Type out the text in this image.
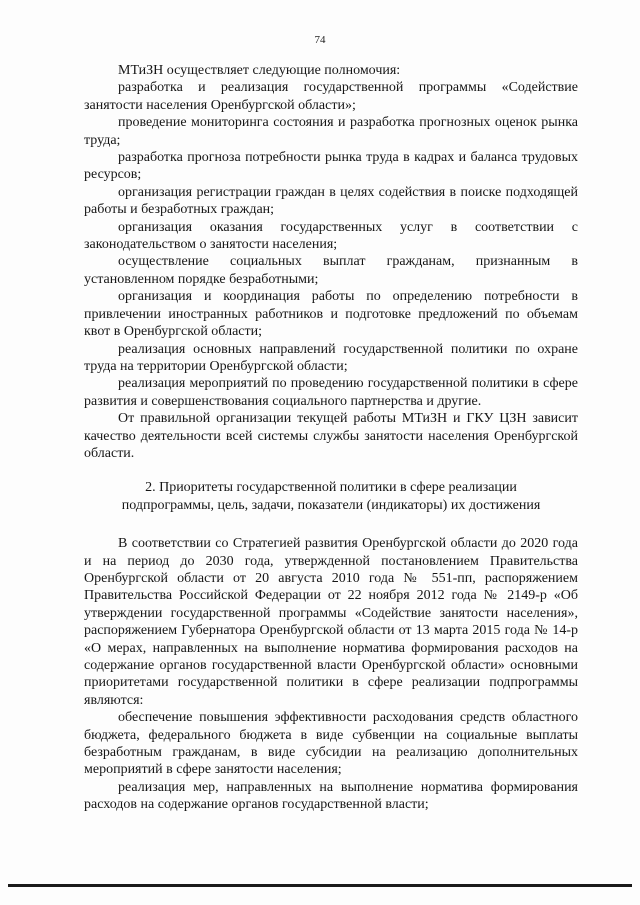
74

МТиЗН осуществляет следующие полномочия:

разработка и реализация государственной программы «Содействие занятости населения Оренбургской области»;

проведение мониторинга состояния и разработка прогнозных оценок рынка труда;

разработка прогноза потребности рынка труда в кадрах и баланса трудовых ресурсов;

организация регистрации граждан в целях содействия в поиске подходящей работы и безработных граждан;

организация оказания государственных услуг в соответствии с законодательством о занятости населения;

осуществление социальных выплат гражданам, признанным в установленном порядке безработными;

организация и координация работы по определению потребности в привлечении иностранных работников и подготовке предложений по объемам квот в Оренбургской области;

реализация основных направлений государственной политики по охране труда на территории Оренбургской области;

реализация мероприятий по проведению государственной политики в сфере развития и совершенствования социального партнерства и другие.

От правильной организации текущей работы МТиЗН и ГКУ ЦЗН зависит качество деятельности всей системы службы занятости населения Оренбургской области.

2. Приоритеты государственной политики в сфере реализации
подпрограммы, цель, задачи, показатели (индикаторы) их достижения

В соответствии со Стратегией развития Оренбургской области до 2020 года и на период до 2030 года, утвержденной постановлением Правительства Оренбургской области от 20 августа 2010 года № 551-пп, распоряжением Правительства Российской Федерации от 22 ноября 2012 года № 2149-р «Об утверждении государственной программы «Содействие занятости населения», распоряжением Губернатора Оренбургской области от 13 марта 2015 года № 14-р «О мерах, направленных на выполнение норматива формирования расходов на содержание органов государственной власти Оренбургской области» основными приоритетами государственной политики в сфере реализации подпрограммы являются:

обеспечение повышения эффективности расходования средств областного бюджета, федерального бюджета в виде субвенции на социальные выплаты безработным гражданам, в виде субсидии на реализацию дополнительных мероприятий в сфере занятости населения;

реализация мер, направленных на выполнение норматива формирования расходов на содержание органов государственной власти;
